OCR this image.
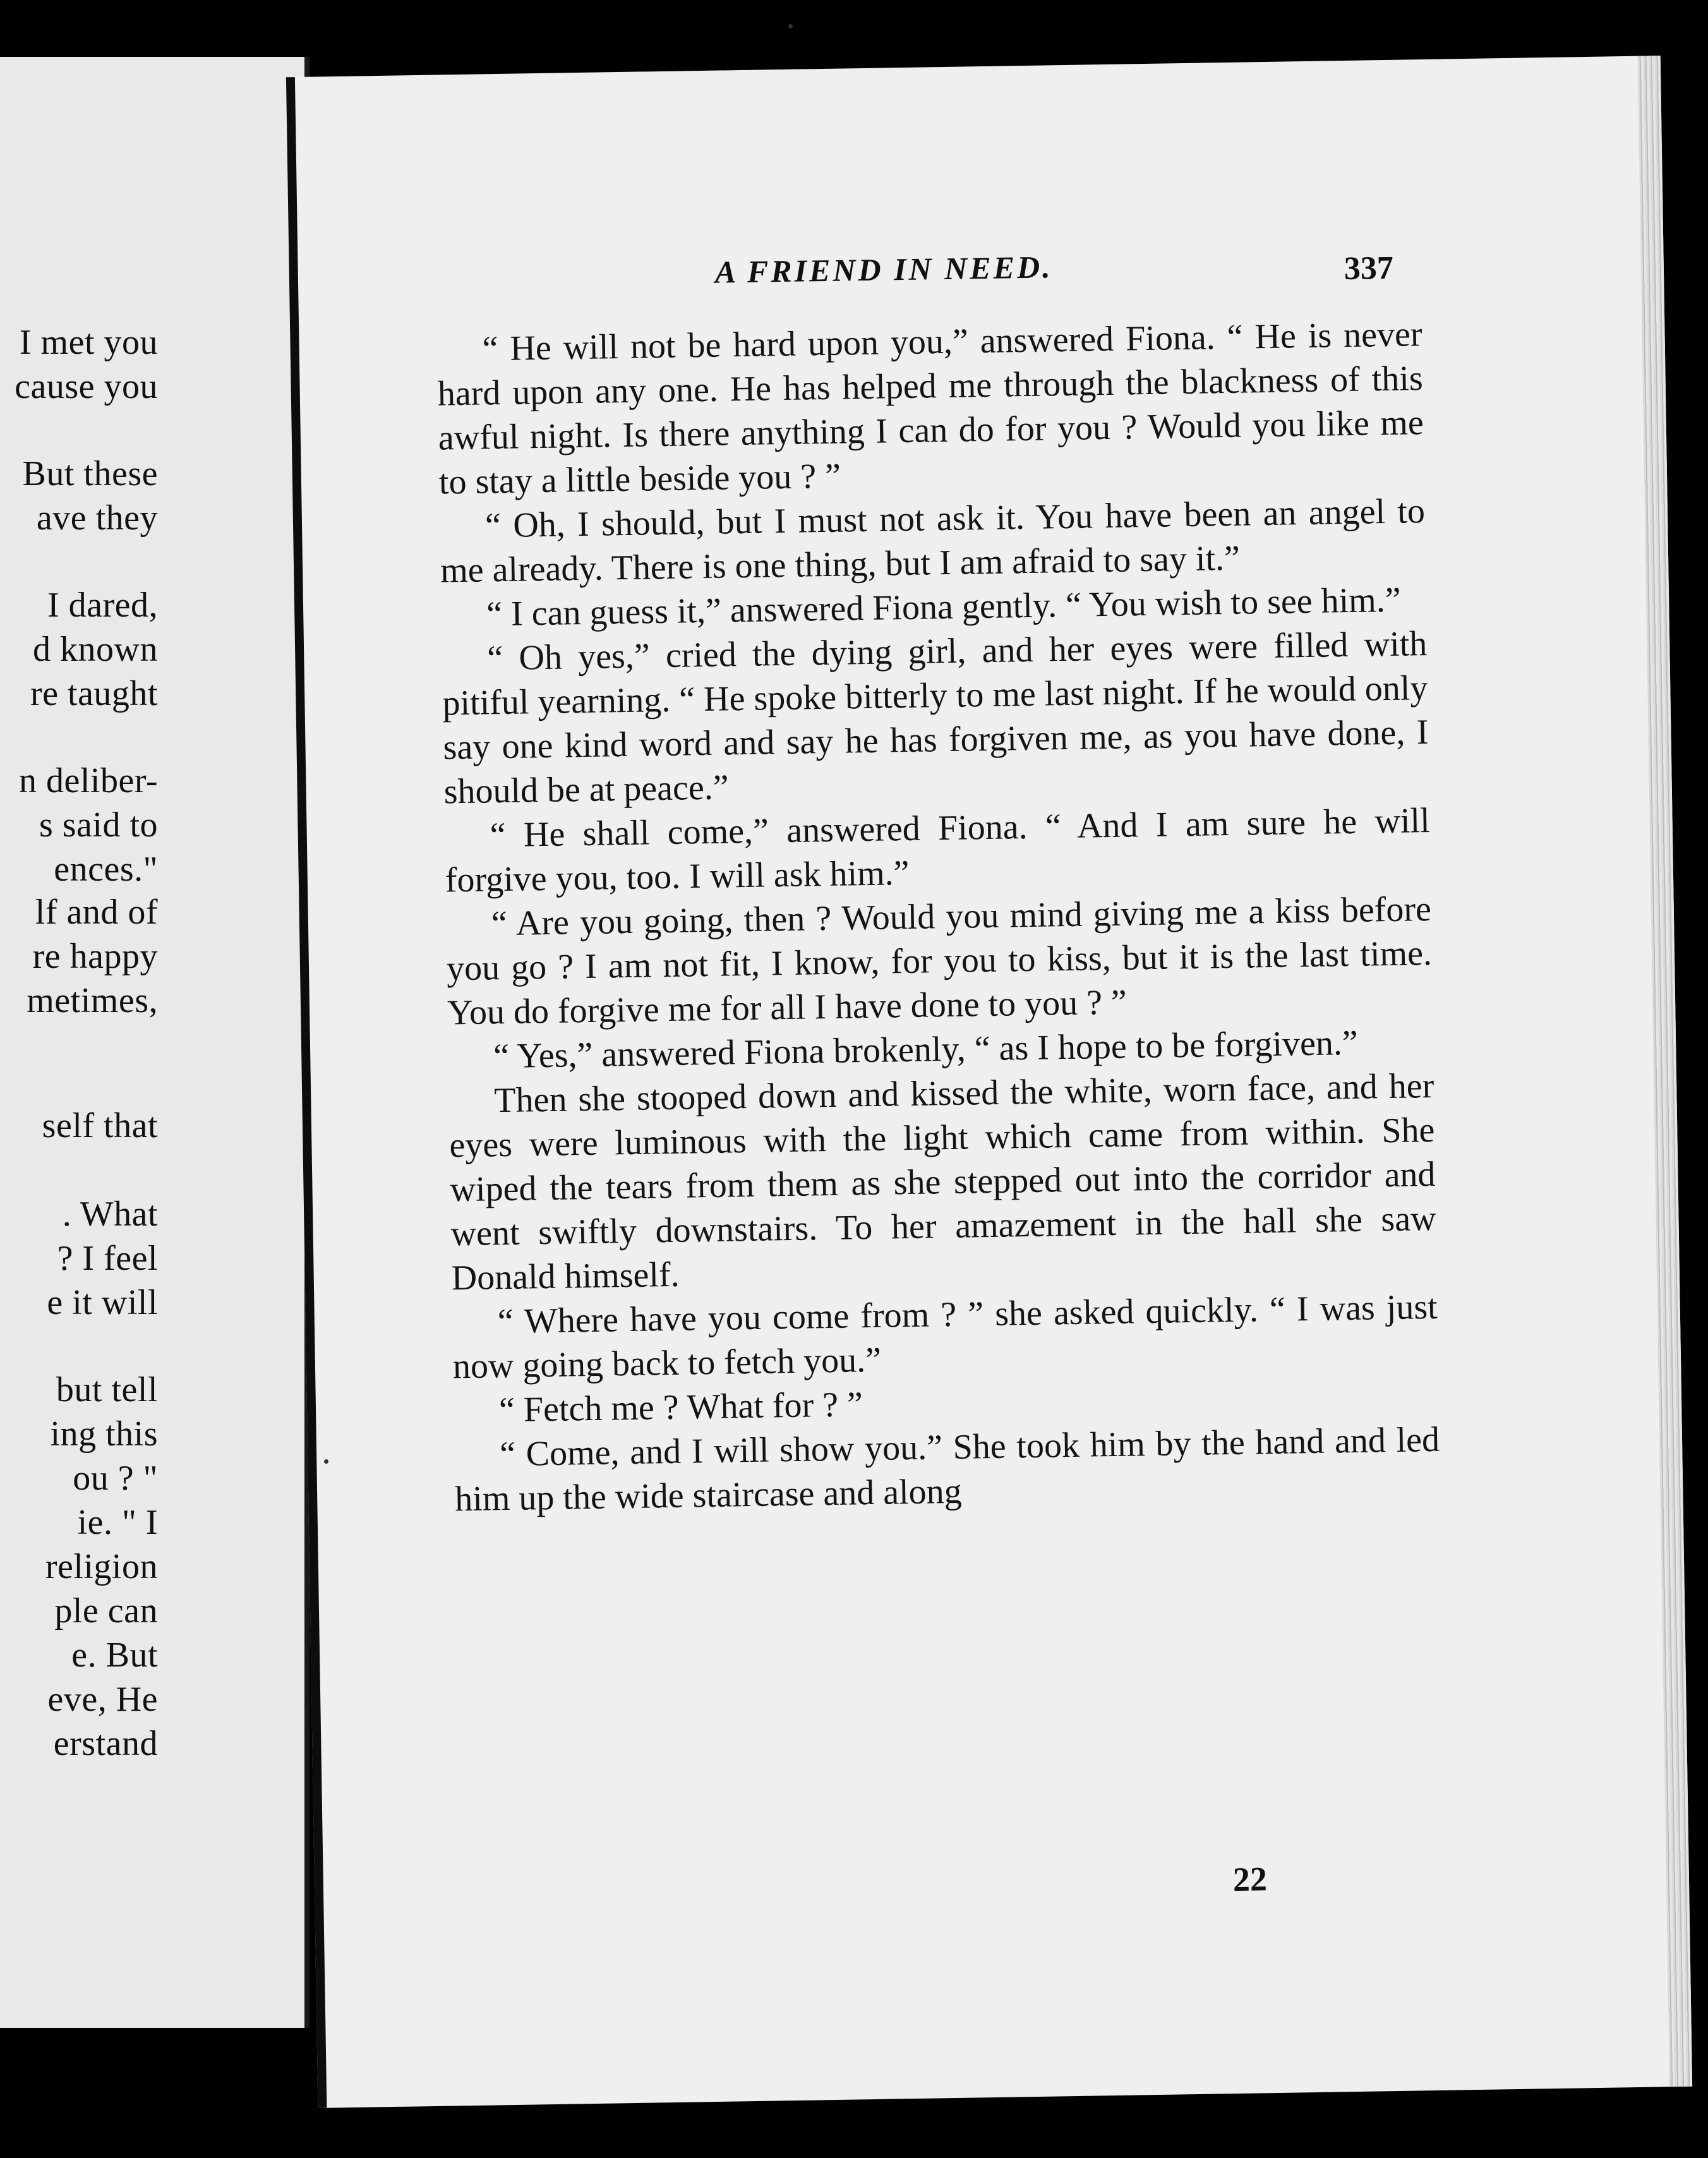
I met you
cause you
But these
ave they
I dared,
d known
re taught
n deliber-
s said to
ences."
lf and of
re happy
metimes,
self that
. What
? I feel
e it will
but tell
ing this
ou ? "
ie. " I
religion
ple can
e. But
eve, He
erstand
A FRIEND IN NEED.	337

“ He will not be hard upon you,” answered Fiona. “ He is never hard upon any one. He has helped me through the blackness of this awful night. Is there anything I can do for you ? Would you like me to stay a little beside you ? ”

“ Oh, I should, but I must not ask it. You have been an angel to me already. There is one thing, but I am afraid to say it.”

“ I can guess it,” answered Fiona gently. “ You wish to see him.”

“ Oh yes,” cried the dying girl, and her eyes were filled with pitiful yearning. “ He spoke bitterly to me last night. If he would only say one kind word and say he has forgiven me, as you have done, I should be at peace.”

“ He shall come,” answered Fiona. “ And I am sure he will forgive you, too. I will ask him.”

“ Are you going, then ? Would you mind giving me a kiss before you go ? I am not fit, I know, for you to kiss, but it is the last time. You do forgive me for all I have done to you ? ”

“ Yes,” answered Fiona brokenly, “ as I hope to be forgiven.”

Then she stooped down and kissed the white, worn face, and her eyes were luminous with the light which came from within. She wiped the tears from them as she stepped out into the corridor and went swiftly downstairs. To her amazement in the hall she saw Donald himself.

“ Where have you come from ? ” she asked quickly. “ I was just now going back to fetch you.”

“ Fetch me ? What for ? ”

“ Come, and I will show you.” She took him by the hand and led him up the wide staircase and along

22
